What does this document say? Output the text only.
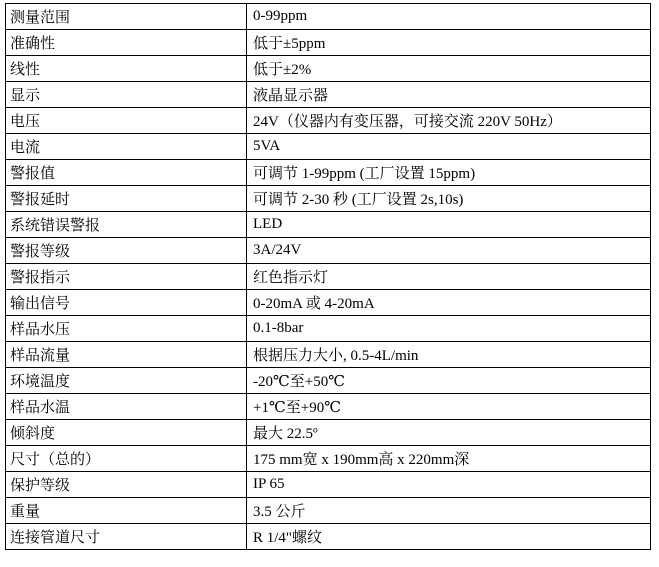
测量范围	0-99ppm
准确性	低于±5ppm
线性	低于±2%
显示	液晶显示器
电压	24V（仪器内有变压器，可接交流 220V 50Hz）
电流	5VA
警报值	可调节 1-99ppm (工厂设置 15ppm)
警报延时	可调节 2-30 秒 (工厂设置 2s,10s)
系统错误警报	LED
警报等级	3A/24V
警报指示	红色指示灯
输出信号	0-20mA 或 4-20mA
样品水压	0.1-8bar
样品流量	根据压力大小, 0.5-4L/min
环境温度	-20℃至+50℃
样品水温	+1℃至+90℃
倾斜度	最大 22.5º
尺寸（总的）	175 mm宽 x 190mm高 x 220mm深
保护等级	IP 65
重量	3.5 公斤
连接管道尺寸	R 1/4"螺纹
